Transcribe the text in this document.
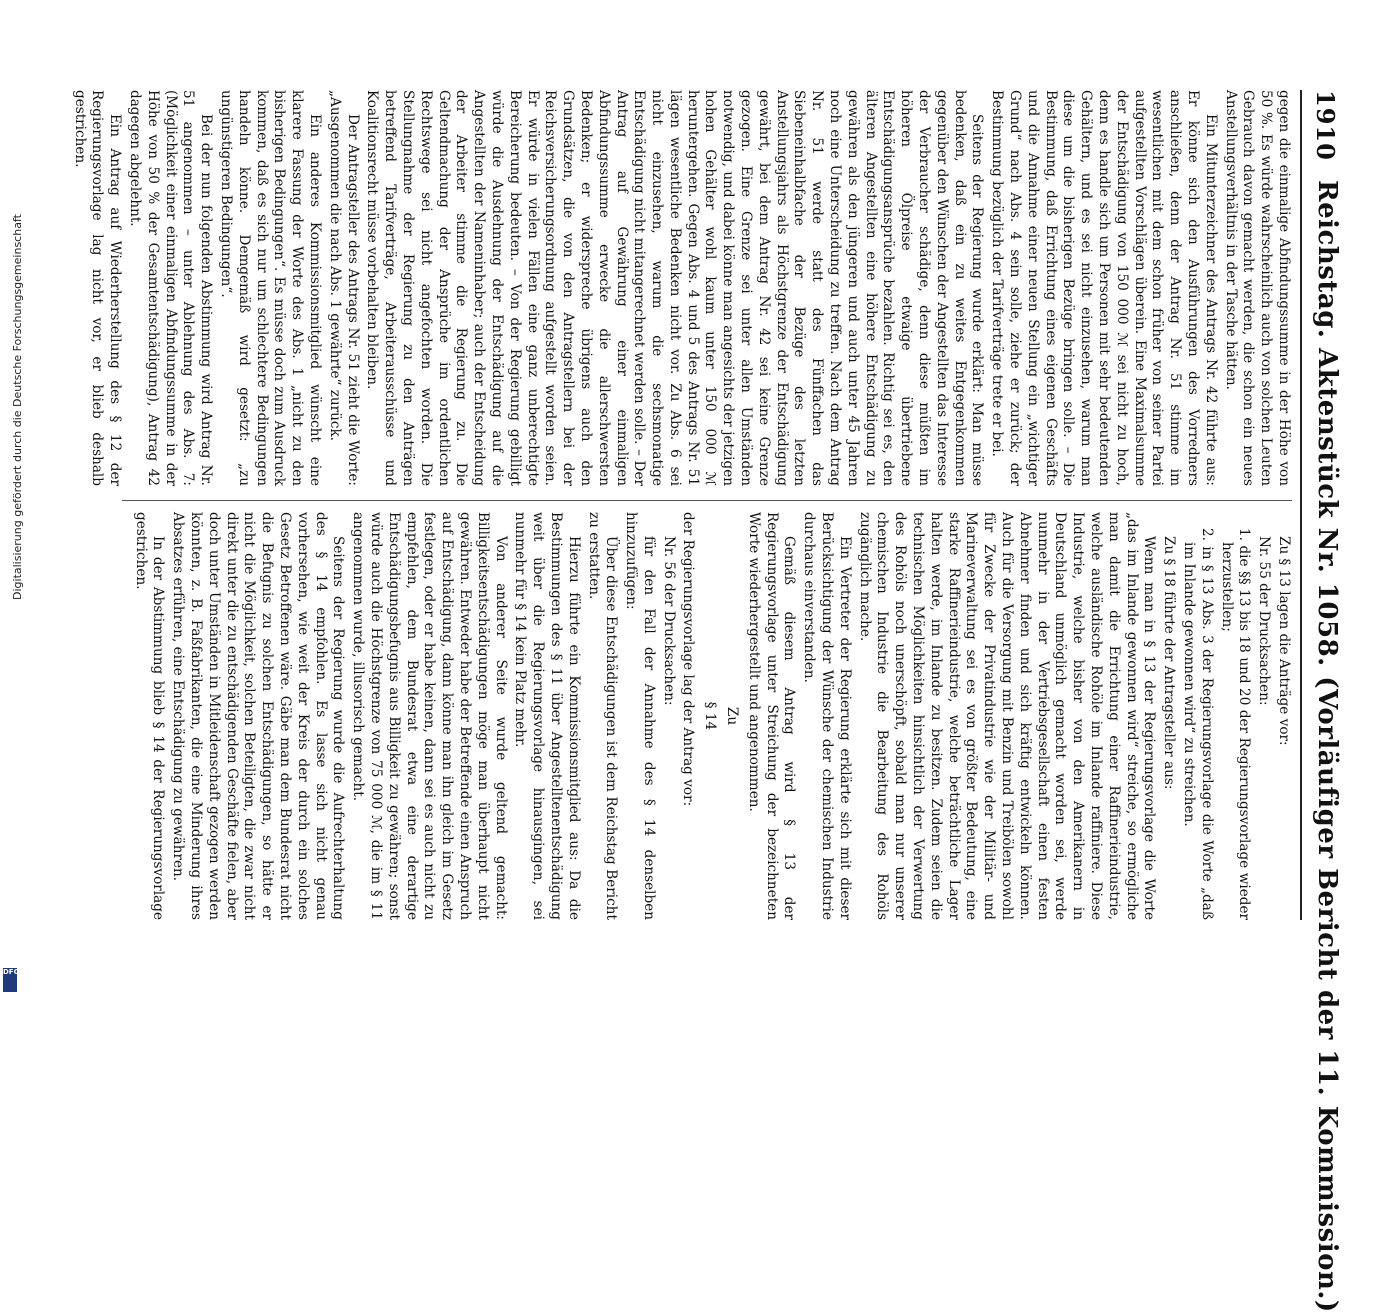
1910
Reichstag. Aktenstück Nr. 1058. (Vorläufiger Bericht der 11. Kommission.)

gegen die einmalige Abfindungssumme in der Höhe von 50 %. Es würde wahrscheinlich auch von solchen Leuten Gebrauch davon gemacht werden, die schon ein neues Anstellungsverhältnis in der Tasche hätten.

Ein Mitunterzeichner des Antrags Nr. 42 führte aus: Er könne sich den Ausführungen des Vorredners anschließen, denn der Antrag Nr. 51 stimme im wesentlichen mit dem schon früher von seiner Partei aufgestellten Vorschlägen überein. Eine Maximalsumme der Entschädigung von 150 000 ℳ sei nicht zu hoch, denn es handle sich um Personen mit sehr bedeutenden Gehältern, und es sei nicht einzusehen, warum man diese um die bisherigen Bezüge bringen solle. – Die Bestimmung, daß Errichtung eines eigenen Geschäfts und die Annahme einer neuen Stellung ein „wichtiger Grund“ nach Abs. 4 sein solle, ziehe er zurück; der Bestimmung bezüglich der Tarifverträge trete er bei.

Seitens der Regierung wurde erklärt: Man müsse bedenken, daß ein zu weites Entgegenkommen gegenüber den Wünschen der Angestellten das Interesse der Verbraucher schädige, denn diese müßten im höheren Ölpreise etwaige übertriebene Entschädigungsansprüche bezahlen. Richtig sei es, den älteren Angestellten eine höhere Entschädigung zu gewähren als den jüngeren und auch unter 45 Jahren noch eine Unterscheidung zu treffen. Nach dem Antrag Nr. 51 werde statt des Fünffachen das Siebeneinhalbfache der Bezüge des letzten Anstellungsjahrs als Höchstgrenze der Entschädigung gewährt, bei dem Antrag Nr. 42 sei keine Grenze gezogen. Eine Grenze sei unter allen Umständen notwendig, und dabei könne man angesichts der jetzigen hohen Gehälter wohl kaum unter 150 000 ℳ heruntergehen. Gegen Abs. 4 und 5 des Antrags Nr. 51 lägen wesentliche Bedenken nicht vor. Zu Abs. 6 sei nicht einzusehen, warum die sechsmonatige Entschädigung nicht mitangerechnet werden solle. – Der Antrag auf Gewährung einer einmaligen Abfindungssumme erwecke die allerschwersten Bedenken; er widerspreche übrigens auch den Grundsätzen, die von den Antragstellern bei der Reichsversicherungsordnung aufgestellt worden seien. Er würde in vielen Fällen eine ganz unberechtigte Bereicherung bedeuten. – Von der Regierung gebilligt würde die Ausdehnung der Entschädigung auf die Angestellten der Nameninhaber; auch der Entscheidung der Arbeiter stimme die Regierung zu. Die Geltendmachung der Ansprüche im ordentlichen Rechtswege sei nicht angefochten worden. Die Stellungnahme der Regierung zu den Anträgen betreffend Tarifverträge, Arbeiterausschüsse und Koalitionsrecht müsse vorbehalten bleiben.

Der Antragsteller des Antrags Nr. 51 zieht die Worte: „Ausgenommen die nach Abs. 1 gewährte“ zurück.

Ein anderes Kommissionsmitglied wünscht eine klarere Fassung der Worte des Abs. 1 „nicht zu den bisherigen Bedingungen“. Es müsse doch zum Ausdruck kommen, daß es sich nur um schlechtere Bedingungen handeln könne. Demgemäß wird gesetzt: „zu ungünstigeren Bedingungen“.

Bei der nun folgenden Abstimmung wird Antrag Nr. 51 angenommen – unter Ablehnung des Abs. 7: (Möglichkeit einer einmaligen Abfindungssumme in der Höhe von 50 % der Gesamtentschädigung), Antrag 42 dagegen abgelehnt.

Ein Antrag auf Wiederherstellung des § 12 der Regierungsvorlage lag nicht vor, er blieb deshalb gestrichen.

Zu § 13 lagen die Anträge vor:

Nr. 55 der Drucksachen:

1. die §§ 13 bis 18 und 20 der Regierungsvorlage wieder herzustellen;

2. in § 13 Abs. 3 der Regierungsvorlage die Worte „daß im Inlande gewonnen wird“ zu streichen.

Zu § 18 führte der Antragsteller aus:

Wenn man in § 13 der Regierungsvorlage die Worte „das im Inlande gewonnen wird“ streiche, so ermögliche man damit die Errichtung einer Raffinerieindustrie, welche ausländische Rohöle im Inlande raffiniere. Diese Industrie, welche bisher von den Amerikanern in Deutschland unmöglich gemacht worden sei, werde nunmehr in der Vertriebsgesellschaft einen festen Abnehmer finden und sich kräftig entwickeln können. Auch für die Versorgung mit Benzin und Treibölen sowohl für Zwecke der Privatindustrie wie der Militär- und Marineverwaltung sei es von größter Bedeutung, eine starke Raffinerieindustrie, welche beträchtliche Lager halten werde, im Inlande zu besitzen. Zudem seien die technischen Möglichkeiten hinsichtlich der Verwertung des Rohöls noch unerschöpft, sobald man nur unserer chemischen Industrie die Bearbeitung des Rohöls zugänglich mache.

Ein Vertreter der Regierung erklärte sich mit dieser Berücksichtigung der Wünsche der chemischen Industrie durchaus einverstanden.

Gemäß diesem Antrag wird § 13 der Regierungsvorlage unter Streichung der bezeichneten Worte wiederhergestellt und angenommen.

Zu

§ 14

der Regierungsvorlage lag der Antrag vor:

Nr. 56 der Drucksachen:

für den Fall der Annahme des § 14 denselben hinzuzufügen:

Über diese Entschädigungen ist dem Reichstag Bericht zu erstatten.

Hierzu führte ein Kommissionsmitglied aus: Da die Bestimmungen des § 11 über Angestelltenentschädigung weit über die Regierungsvorlage hinausgingen, sei nunmehr für § 14 kein Platz mehr.

Von anderer Seite wurde geltend gemacht: Billigkeitsentschädigungen möge man überhaupt nicht gewähren. Entweder habe der Betreffende einen Anspruch auf Entschädigung, dann könne man ihn gleich im Gesetz festlegen, oder er habe keinen, dann sei es auch nicht zu empfehlen, dem Bundesrat etwa eine derartige Entschädigungsbefugnis aus Billigkeit zu gewähren; sonst würde auch die Höchstgrenze von 75 000 ℳ, die im § 11 angenommen wurde, illusorisch gemacht.

Seitens der Regierung wurde die Aufrechterhaltung des § 14 empfohlen. Es lasse sich nicht genau vorhersehen, wie weit der Kreis der durch ein solches Gesetz Betroffenen wäre. Gäbe man dem Bundesrat nicht die Befugnis zu solchen Entschädigungen, so hätte er nicht die Möglichkeit, solchen Beteiligten, die zwar nicht direkt unter die zu entschädigenden Geschäfte fielen, aber doch unter Umständen in Mitleidenschaft gezogen werden könnten, z. B. Faßfabrikanten, die eine Minderung ihres Absatzes erführen, eine Entschädigung zu gewähren.

In der Abstimmung blieb § 14 der Regierungsvorlage gestrichen.

Digitalisierung gefördert durch die Deutsche Forschungsgemeinschaft
DFG
